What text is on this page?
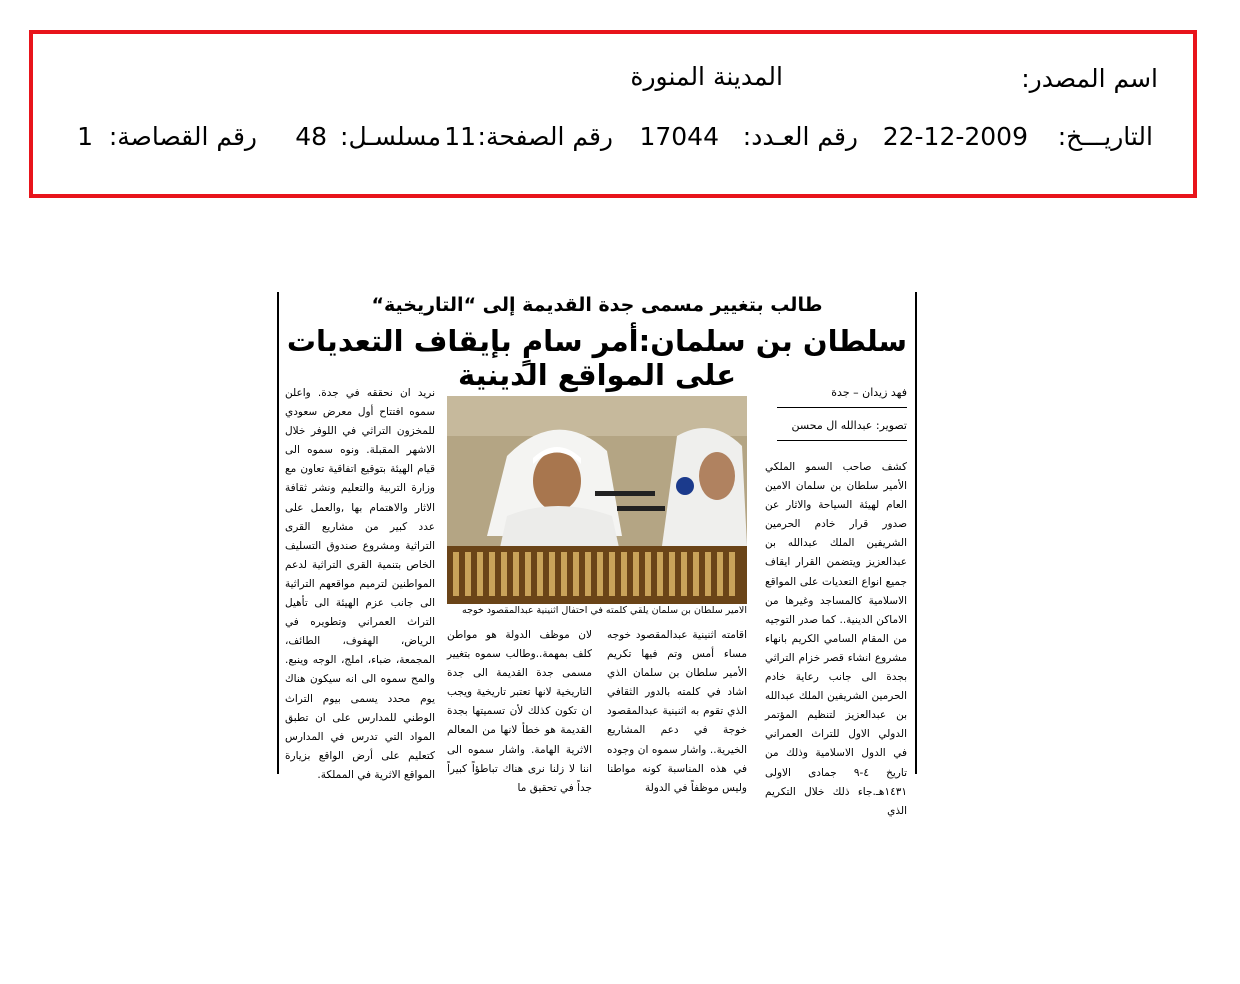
اسم المصدر:
المدينة المنورة
التاريـــخ:
22-12-2009
رقم العـدد:
17044
رقم الصفحة:
11
مسلسـل:
48
رقم القصاصة:
1
طالب بتغيير مسمى جدة القديمة إلى “التاريخية“
سلطان بن سلمان:أمر سامٍ بإيقاف التعديات على المواقع الدينية
فهد زيدان – جدة
تصوير: عبدالله ال محسن
الامير سلطان بن سلمان يلقي كلمته في احتفال اثنينية عبدالمقصود خوجه
كشف صاحب السمو الملكي الأمير سلطان بن سلمان الامين العام لهيئة السياحة والاثار عن صدور قرار خادم الحرمين الشريفين الملك عبدالله بن عبدالعزيز ويتضمن القرار ايقاف جميع انواع التعديات على المواقع الاسلامية كالمساجد وغيرها من الاماكن الدينية.. كما صدر التوجيه من المقام السامي الكريم بانهاء مشروع انشاء قصر خزام التراثي بجدة الى جانب رعاية خادم الحرمين الشريفين الملك عبدالله بن عبدالعزيز لتنظيم المؤتمر الدولي الاول للتراث العمراني في الدول الاسلامية وذلك من تاريخ ٤-٩ جمادى الاولى ١٤٣١هـ.جاء ذلك خلال التكريم الذي
اقامته اثنينية عبدالمقصود خوجه مساء أمس وتم فيها تكريم الأمير سلطان بن سلمان الذي اشاد في كلمته بالدور الثقافي الذي تقوم به اثنينية عبدالمقصود خوجة في دعم المشاريع الخيرية.. واشار سموه ان وجوده في هذه المناسبة كونه مواطنا وليس موظفاً في الدولة
لان موظف الدولة هو مواطن كلف بمهمة..وطالب سموه بتغيير مسمى جدة القديمة الى جدة التاريخية لانها تعتبر تاريخية ويجب ان تكون كذلك لأن تسميتها بجدة القديمة هو خطأ لانها من المعالم الاثرية الهامة. واشار سموه الى اننا لا زلنا نرى هناك تباطؤاً كبيراً جداً في تحقيق ما
نريد ان نحققه في جدة. واعلن سموه افتتاح أول معرض سعودي للمخزون التراثي في اللوفر خلال الاشهر المقبلة. ونوه سموه الى قيام الهيئة بتوقيع اتفاقية تعاون مع وزارة التربية والتعليم ونشر ثقافة الاثار والاهتمام بها ,والعمل على عدد كبير من مشاريع القرى التراثية ومشروع صندوق التسليف الخاص بتنمية القرى التراثية لدعم المواطنين لترميم مواقعهم التراثية الى جانب عزم الهيئة الى تأهيل التراث العمراني وتطويره في الرياض، الهفوف، الطائف، المجمعة، ضباء، املج، الوجه وينبع. والمح سموه الى انه سيكون هناك يوم محدد يسمى بيوم التراث الوطني للمدارس على ان تطبق المواد التي تدرس في المدارس كتعليم على أرض الواقع بزيارة المواقع الاثرية في المملكة.
